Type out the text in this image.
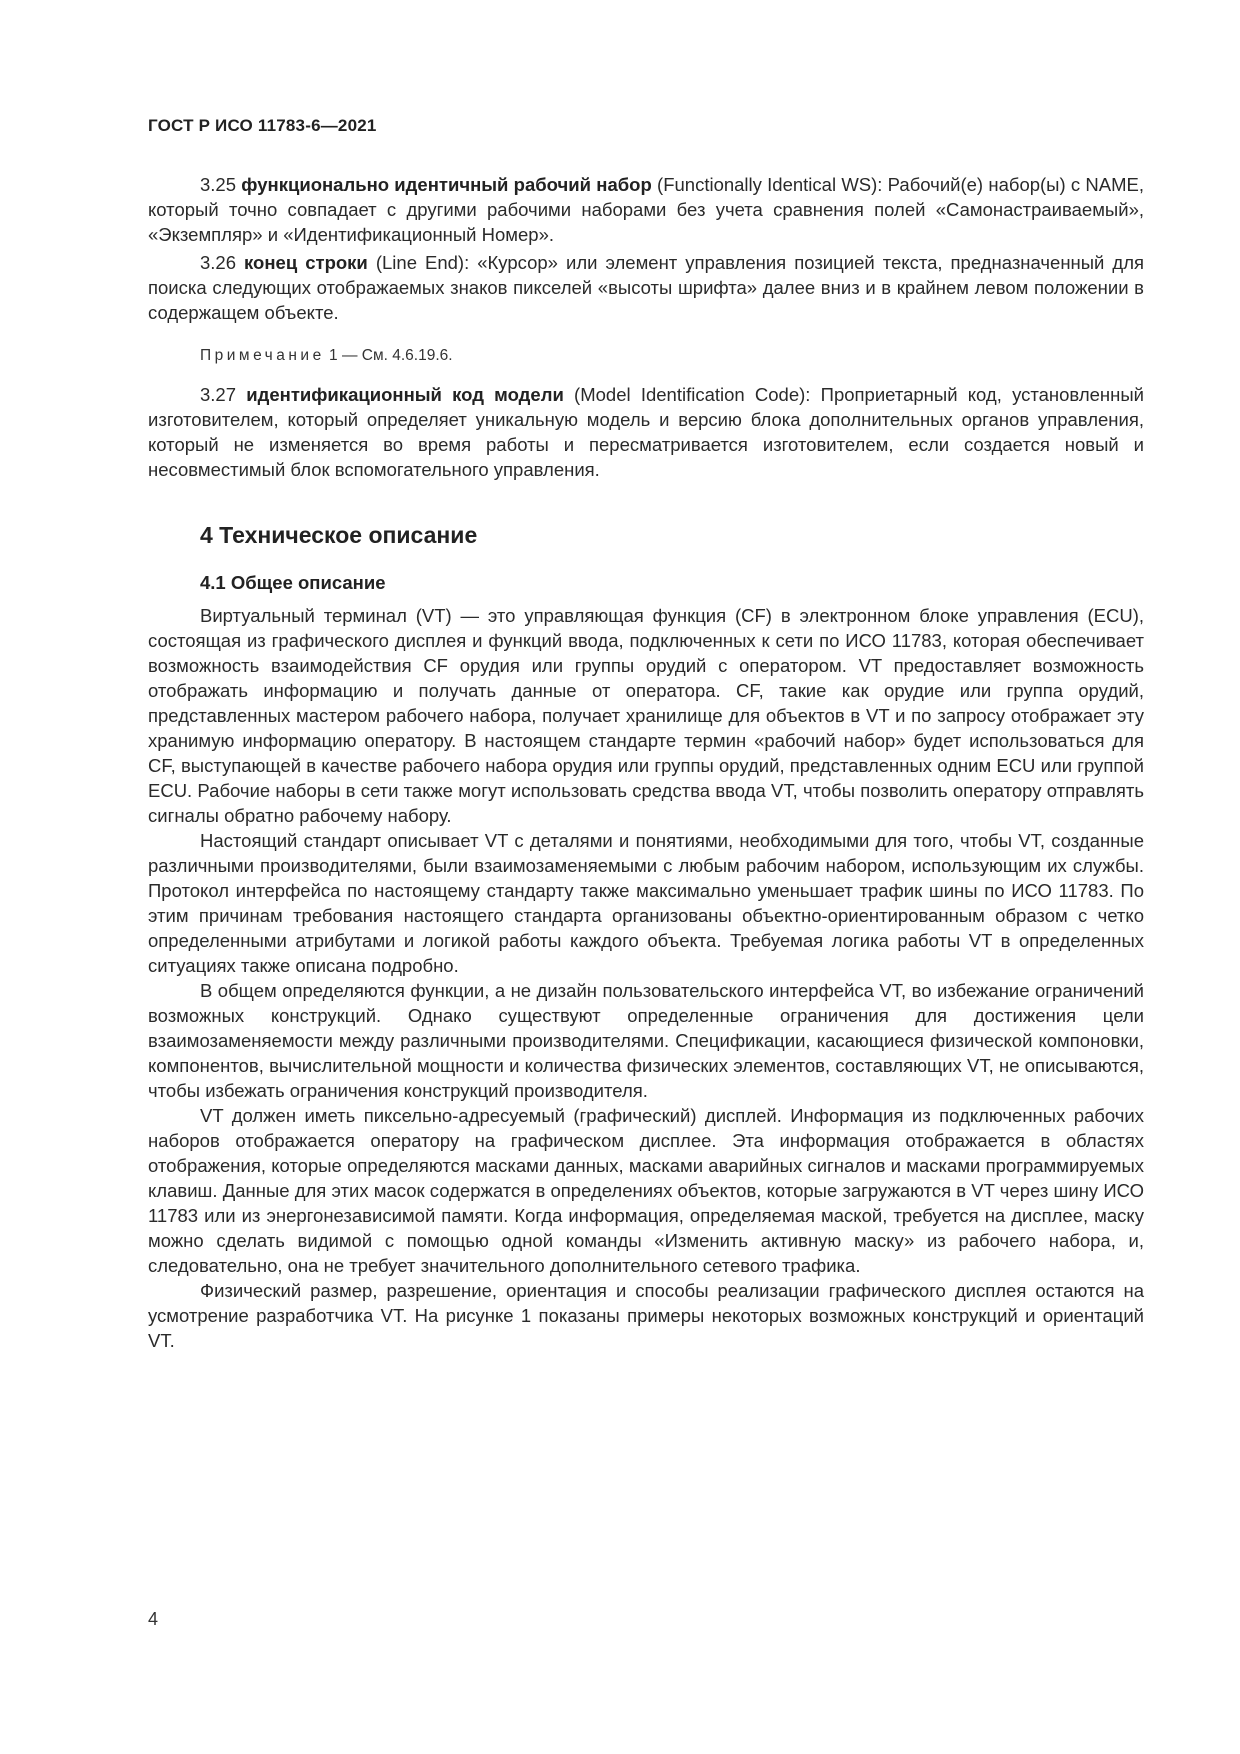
ГОСТ Р ИСО 11783-6—2021

3.25 функционально идентичный рабочий набор (Functionally Identical WS): Рабочий(е) набор(ы) с NAME, который точно совпадает с другими рабочими наборами без учета сравнения полей «Самонастраиваемый», «Экземпляр» и «Идентификационный Номер».

3.26 конец строки (Line End): «Курсор» или элемент управления позицией текста, предназначенный для поиска следующих отображаемых знаков пикселей «высоты шрифта» далее вниз и в крайнем левом положении в содержащем объекте.

Примечание 1 — См. 4.6.19.6.

3.27 идентификационный код модели (Model Identification Code): Проприетарный код, установленный изготовителем, который определяет уникальную модель и версию блока дополнительных органов управления, который не изменяется во время работы и пересматривается изготовителем, если создается новый и несовместимый блок вспомогательного управления.

4 Техническое описание
4.1 Общее описание

Виртуальный терминал (VT) — это управляющая функция (CF) в электронном блоке управления (ECU), состоящая из графического дисплея и функций ввода, подключенных к сети по ИСО 11783, которая обеспечивает возможность взаимодействия CF орудия или группы орудий с оператором. VT предоставляет возможность отображать информацию и получать данные от оператора. CF, такие как орудие или группа орудий, представленных мастером рабочего набора, получает хранилище для объектов в VT и по запросу отображает эту хранимую информацию оператору. В настоящем стандарте термин «рабочий набор» будет использоваться для CF, выступающей в качестве рабочего набора орудия или группы орудий, представленных одним ECU или группой ECU. Рабочие наборы в сети также могут использовать средства ввода VT, чтобы позволить оператору отправлять сигналы обратно рабочему набору.

Настоящий стандарт описывает VT с деталями и понятиями, необходимыми для того, чтобы VT, созданные различными производителями, были взаимозаменяемыми с любым рабочим набором, использующим их службы. Протокол интерфейса по настоящему стандарту также максимально уменьшает трафик шины по ИСО 11783. По этим причинам требования настоящего стандарта организованы объектно-ориентированным образом с четко определенными атрибутами и логикой работы каждого объекта. Требуемая логика работы VT в определенных ситуациях также описана подробно.

В общем определяются функции, а не дизайн пользовательского интерфейса VT, во избежание ограничений возможных конструкций. Однако существуют определенные ограничения для достижения цели взаимозаменяемости между различными производителями. Спецификации, касающиеся физической компоновки, компонентов, вычислительной мощности и количества физических элементов, составляющих VT, не описываются, чтобы избежать ограничения конструкций производителя.

VT должен иметь пиксельно-адресуемый (графический) дисплей. Информация из подключенных рабочих наборов отображается оператору на графическом дисплее. Эта информация отображается в областях отображения, которые определяются масками данных, масками аварийных сигналов и масками программируемых клавиш. Данные для этих масок содержатся в определениях объектов, которые загружаются в VT через шину ИСО 11783 или из энергонезависимой памяти. Когда информация, определяемая маской, требуется на дисплее, маску можно сделать видимой с помощью одной команды «Изменить активную маску» из рабочего набора, и, следовательно, она не требует значительного дополнительного сетевого трафика.

Физический размер, разрешение, ориентация и способы реализации графического дисплея остаются на усмотрение разработчика VT. На рисунке 1 показаны примеры некоторых возможных конструкций и ориентаций VT.

4
